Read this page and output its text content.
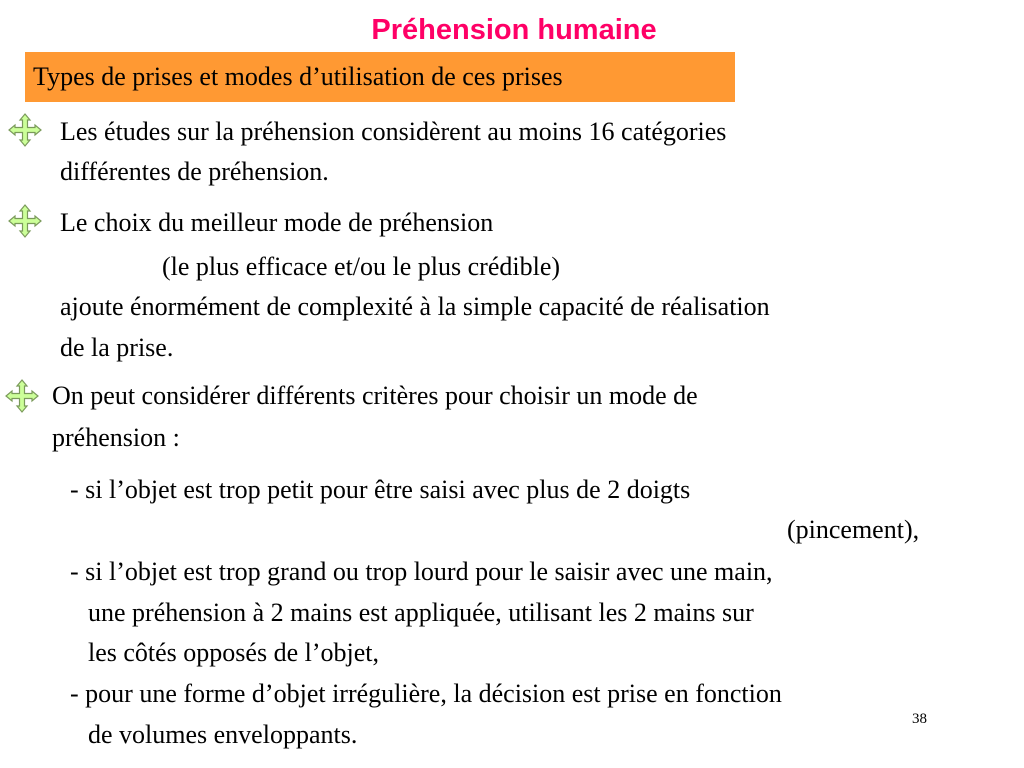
Préhension humaine
Types de prises et modes d’utilisation de ces prises
Les études sur la préhension considèrent au moins 16 catégories
différentes de préhension.
Le choix du meilleur mode de préhension
(le plus efficace et/ou le plus crédible)
ajoute énormément de complexité à la simple capacité de réalisation
de la prise.
On peut considérer différents critères pour choisir un mode de
préhension :
- si l’objet est trop petit pour être saisi avec plus de 2 doigts
(pincement),
- si l’objet est trop grand ou trop lourd pour le saisir avec une main,
une préhension à 2 mains est appliquée, utilisant les 2 mains sur
les côtés opposés de l’objet,
- pour une forme d’objet irrégulière, la décision est prise en fonction
de volumes enveloppants.
38
